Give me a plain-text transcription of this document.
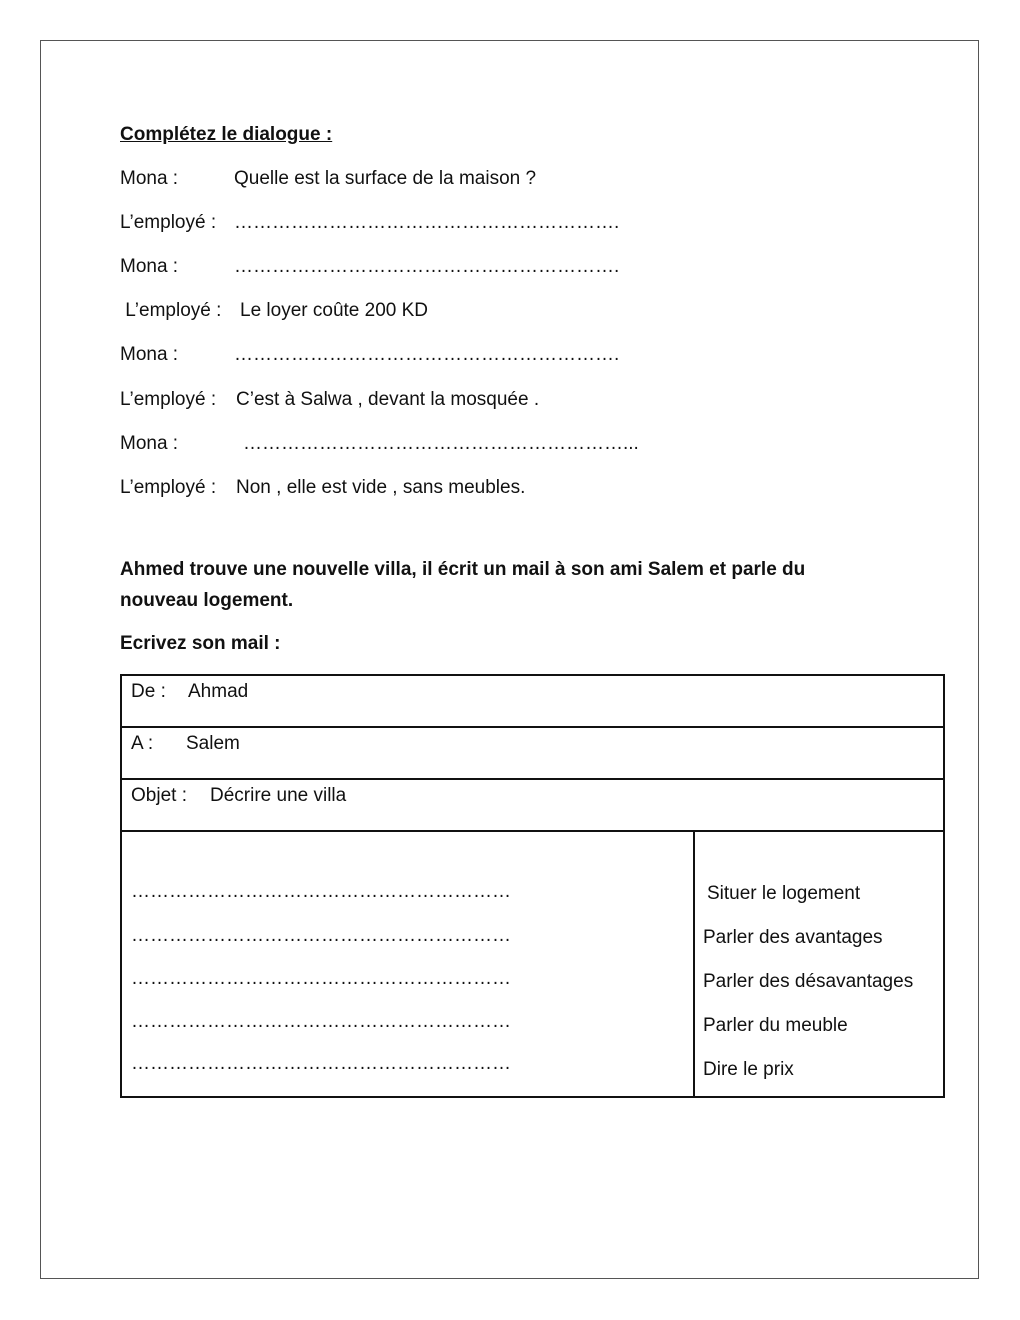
Complétez le dialogue :
Mona :	Quelle est la surface de la maison ?
L’employé : …………………………………………………….
Mona :	…………………………………………………….
L’employé : Le loyer coûte 200 KD
Mona :	…………………………………………………….
L’employé : C’est à Salwa , devant la mosquée .
Mona :	……………………………………………………...
L’employé : Non , elle est vide , sans meubles.
Ahmed trouve une nouvelle villa, il écrit un mail à son ami Salem et parle du
nouveau logement.
Ecrivez son mail :
De : Ahmad
A : Salem
Objet : Décrire une villa
……………………………………………………
……………………………………………………
……………………………………………………
……………………………………………………
……………………………………………………
Situer le logement
Parler des avantages
Parler des désavantages
Parler du meuble
Dire le prix
